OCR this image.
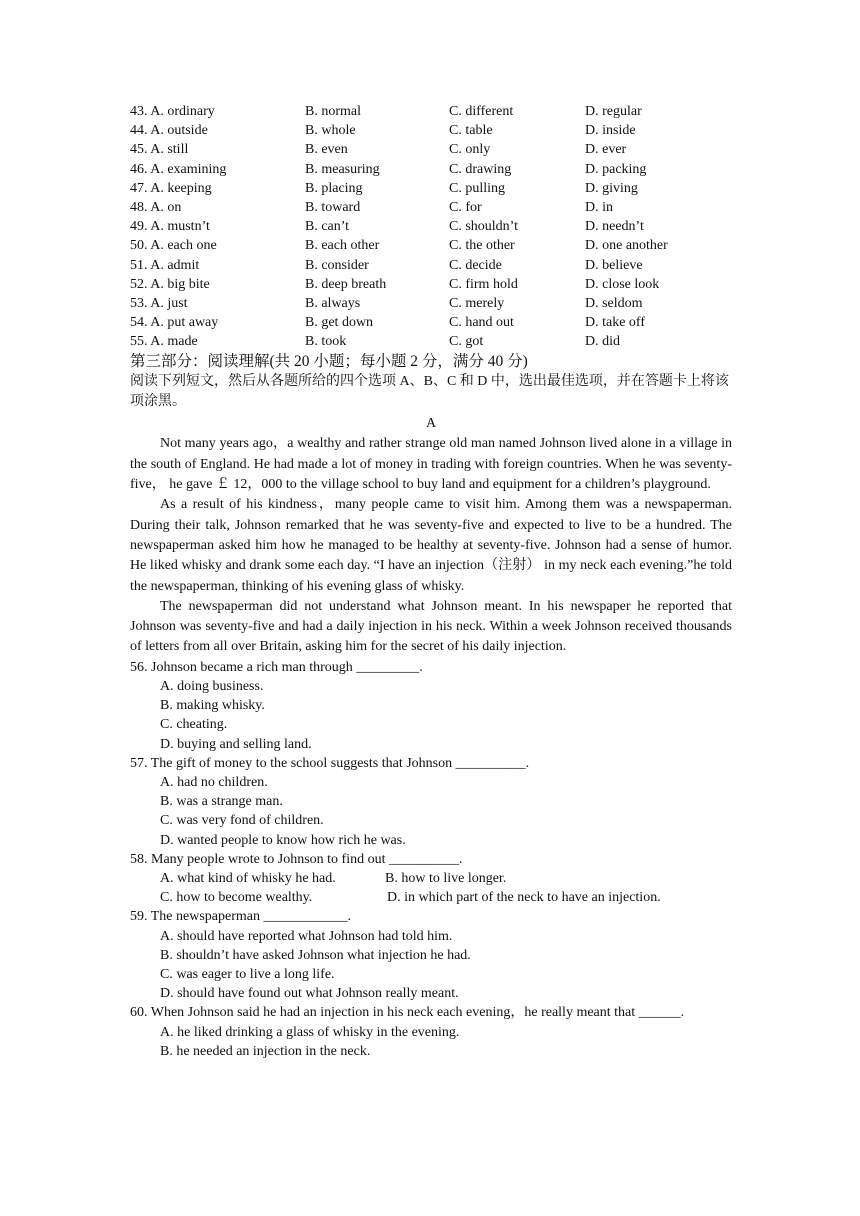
43. A. ordinary	B. normal	C. different	D. regular
44. A. outside	B. whole	C. table	D. inside
45. A. still	B. even	C. only	D. ever
46. A. examining	B. measuring	C. drawing	D. packing
47. A. keeping	B. placing	C. pulling	D. giving
48. A. on	B. toward	C. for	D. in
49. A. mustn’t	B. can’t	C. shouldn’t	D. needn’t
50. A. each one	B. each other	C. the other	D. one another
51. A. admit	B. consider	C. decide	D. believe
52. A. big bite	B. deep breath	C. firm hold	D. close look
53. A. just	B. always	C. merely	D. seldom
54. A. put away	B. get down	C. hand out	D. take off
55. A. made	B. took	C. got	D. did
第三部分：阅读理解(共 20 小题；每小题 2 分，满分 40 分)
阅读下列短文，然后从各题所给的四个选项 A、B、C 和 D 中，选出最佳选项，并在答题卡上将该项涂黑。
A

Not many years ago，a wealthy and rather strange old man named Johnson lived alone in a village in the south of England. He had made a lot of money in trading with foreign countries. When he was seventy-five， he gave ￡ 12，000 to the village school to buy land and equipment for a children’s playground.

As a result of his kindness，many people came to visit him. Among them was a newspaperman. During their talk, Johnson remarked that he was seventy-five and expected to live to be a hundred. The newspaperman asked him how he managed to be healthy at seventy-five. Johnson had a sense of humor. He liked whisky and drank some each day. “I have an injection（注射） in my neck each evening.”he told the newspaperman, thinking of his evening glass of whisky.

The newspaperman did not understand what Johnson meant. In his newspaper he reported that Johnson was seventy-five and had a daily injection in his neck. Within a week Johnson received thousands of letters from all over Britain, asking him for the secret of his daily injection.

56. Johnson became a rich man through _________.
A. doing business.
B. making whisky.
C. cheating.
D. buying and selling land.
57. The gift of money to the school suggests that Johnson __________.
A. had no children.
B. was a strange man.
C. was very fond of children.
D. wanted people to know how rich he was.
58. Many people wrote to Johnson to find out __________.
A. what kind of whisky he had.	B. how to live longer.
C. how to become wealthy.	D. in which part of the neck to have an injection.
59. The newspaperman ____________.
A. should have reported what Johnson had told him.
B. shouldn’t have asked Johnson what injection he had.
C. was eager to live a long life.
D. should have found out what Johnson really meant.
60. When Johnson said he had an injection in his neck each evening，he really meant that ______.
A. he liked drinking a glass of whisky in the evening.
B. he needed an injection in the neck.
